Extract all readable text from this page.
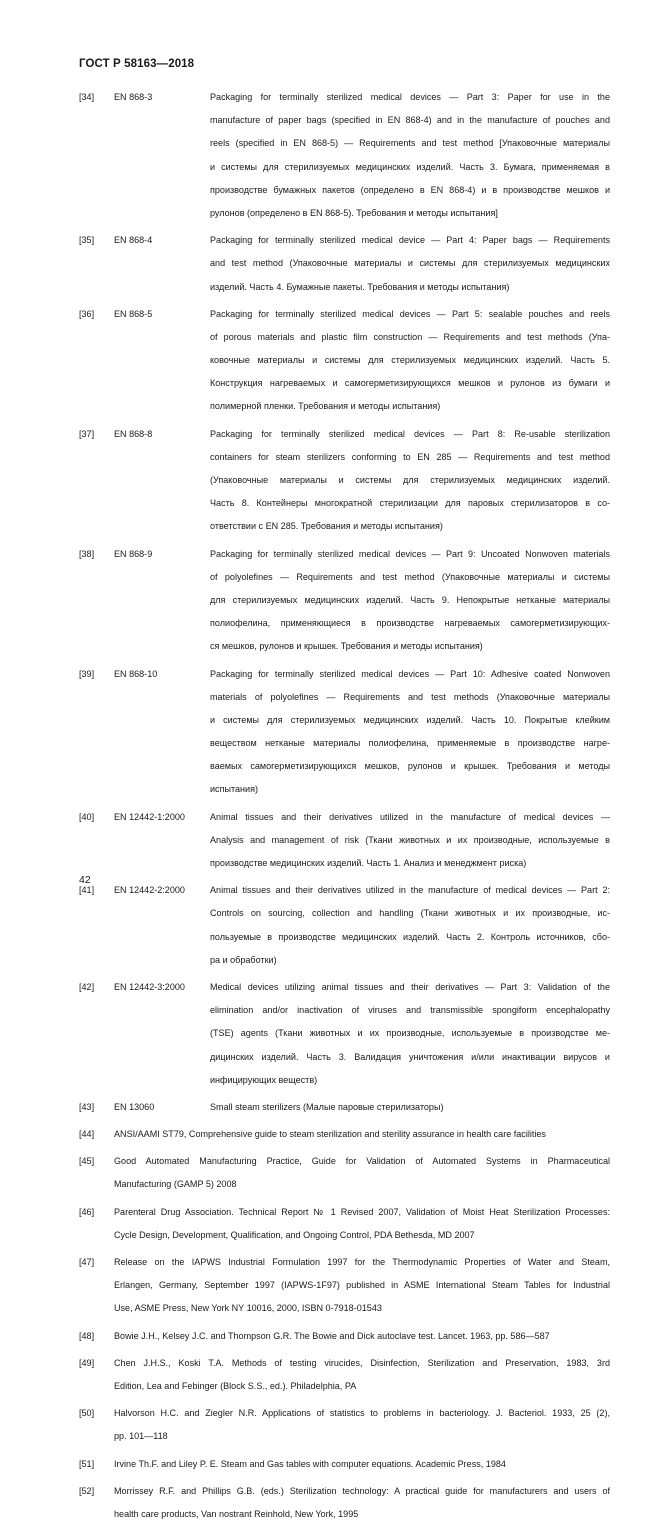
ГОСТ Р 58163—2018
[34] EN 868-3	Packaging for terminally sterilized medical devices — Part 3: Paper for use in the
manufacture of paper bags (specified in EN 868-4) and in the manufacture of pouches and
reels (specified in EN 868-5) — Requirements and test method [Упаковочные материалы
и системы для стерилизуемых медицинских изделий. Часть 3. Бумага, применяемая в
производстве бумажных пакетов (определено в EN 868-4) и в производстве мешков и
рулонов (определено в EN 868-5). Требования и методы испытания]
[35] EN 868-4	Packaging for terminally sterilized medical device — Part 4: Paper bags — Requirements
and test method (Упаковочные материалы и системы для стерилизуемых медицинских
изделий. Часть 4. Бумажные пакеты. Требования и методы испытания)
[36] EN 868-5	Packaging for terminally sterilized medical devices — Part 5: sealable pouches and reels
of porous materials and plastic film construction — Requirements and test methods (Упа-
ковочные материалы и системы для стерилизуемых медицинских изделий. Часть 5.
Конструкция нагреваемых и самогерметизирующихся мешков и рулонов из бумаги и
полимерной пленки. Требования и методы испытания)
[37] EN 868-8	Packaging for terminally sterilized medical devices — Part 8: Re-usable sterilization
containers for steam sterilizers conforming to EN 285 — Requirements and test method
(Упаковочные материалы и системы для стерилизуемых медицинских изделий.
Часть 8. Контейнеры многократной стерилизации для паровых стерилизаторов в со-
ответствии с EN 285. Требования и методы испытания)
[38] EN 868-9	Packaging for terminally sterilized medical devices — Part 9: Uncoated Nonwoven materials
of polyolefines — Requirements and test method (Упаковочные материалы и системы
для стерилизуемых медицинских изделий. Часть 9. Непокрытые нетканые материалы
полиофелина, применяющиеся в производстве нагреваемых самогерметизирующих-
ся мешков, рулонов и крышек. Требования и методы испытания)
[39] EN 868-10	Packaging for terminally sterilized medical devices — Part 10: Adhesive coated Nonwoven
materials of polyolefines — Requirements and test methods (Упаковочные материалы
и системы для стерилизуемых медицинских изделий. Часть 10. Покрытые клейким
веществом нетканые материалы полиофелина, применяемые в производстве нагре-
ваемых самогерметизирующихся мешков, рулонов и крышек. Требования и методы
испытания)
[40] EN 12442-1:2000	Animal tissues and their derivatives utilized in the manufacture of medical devices —
Analysis and management of risk (Ткани животных и их производные, используемые в
производстве медицинских изделий. Часть 1. Анализ и менеджмент риска)
[41] EN 12442-2:2000	Animal tissues and their derivatives utilized in the manufacture of medical devices — Part 2:
Controls on sourcing, collection and handling (Ткани животных и их производные, ис-
пользуемые в производстве медицинских изделий. Часть 2. Контроль источников, сбо-
ра и обработки)
[42] EN 12442-3:2000	Medical devices utilizing animal tissues and their derivatives — Part 3: Validation of the
elimination and/or inactivation of viruses and transmissible spongiform encephalopathy
(TSE) agents (Ткани животных и их производные, используемые в производстве ме-
дицинских изделий. Часть 3. Валидация уничтожения и/или инактивации вирусов и
инфицирующих веществ)
[43] EN 13060	Small steam sterilizers (Малые паровые стерилизаторы)
[44] ANSI/AAMI ST79, Comprehensive guide to steam sterilization and sterility assurance in health care facilities
[45] Good Automated Manufacturing Practice, Guide for Validation of Automated Systems in Pharmaceutical
Manufacturing (GAMP 5) 2008
[46] Parenteral Drug Association. Technical Report № 1 Revised 2007, Validation of Moist Heat Sterilization Processes:
Cycle Design, Development, Qualification, and Ongoing Control, PDA Bethesda, MD 2007
[47] Release on the IAPWS Industrial Formulation 1997 for the Thermodynamic Properties of Water and Steam,
Erlangen, Germany, September 1997 (IAPWS-1F97) published in ASME International Steam Tables for Industrial
Use, ASME Press, New York NY 10016, 2000, ISBN 0-7918-01543
[48] Bowie J.H., Kelsey J.C. and Thompson G.R. The Bowie and Dick autoclave test. Lancet. 1963, pp. 586—587
[49] Chen J.H.S., Koski T.A. Methods of testing virucides, Disinfection, Sterilization and Preservation, 1983, 3rd
Edition, Lea and Febinger (Block S.S., ed.). Philadelphia, PA
[50] Halvorson H.C. and Ziegler N.R. Applications of statistics to problems in bacteriology. J. Bacteriol. 1933, 25 (2),
pp. 101—118
[51] Irvine Th.F. and Liley P. E. Steam and Gas tables with computer equations. Academic Press, 1984
[52] Morrissey R.F. and Phillips G.B. (eds.) Sterilization technology: A practical guide for manufacturers and users of
health care products, Van nostrant Reinhold, New York, 1995
42
